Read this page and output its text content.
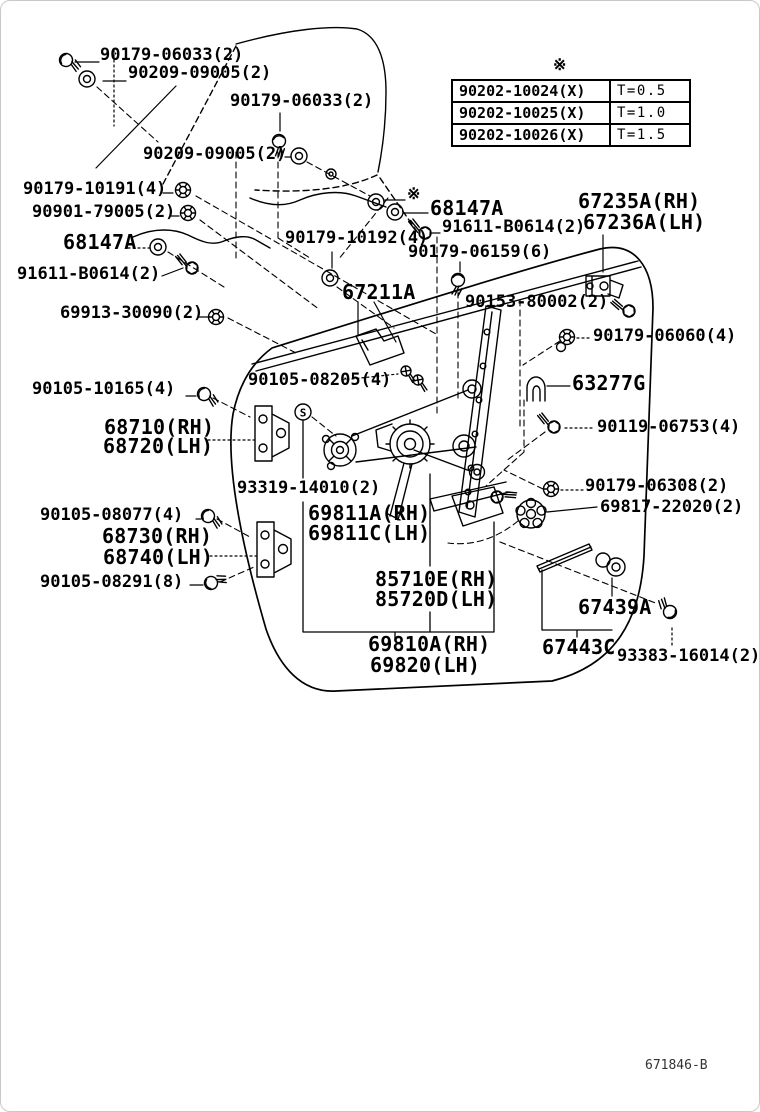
S
90179-06033(2)
90209-09005(2)
90179-06033(2)
90209-09005(2)
90179-10191(4)
90901-79005(2)
68147A
91611-B0614(2)
69913-30090(2)
90105-10165(4)
68710(RH)
68720(LH)
90105-08077(4)
68730(RH)
68740(LH)
90105-08291(8)
90105-08205(4)
93319-14010(2)
90179-10192(4)
68147A
91611-B0614(2)
90179-06159(6)
67211A	90153-80002(2)
67235A(RH)
67236A(LH)
90179-06060(4)
63277G
90119-06753(4)
90179-06308(2)
69817-22020(2)
69811A(RH)
69811C(LH)
85710E(RH)
85720D(LH)
69810A(RH)
69820(LH)
67439A
67443C 93383-16014(2)
※
※
90202-10024(X)	T=0.5
90202-10025(X)	T=1.0
90202-10026(X)	T=1.5
671846-B
